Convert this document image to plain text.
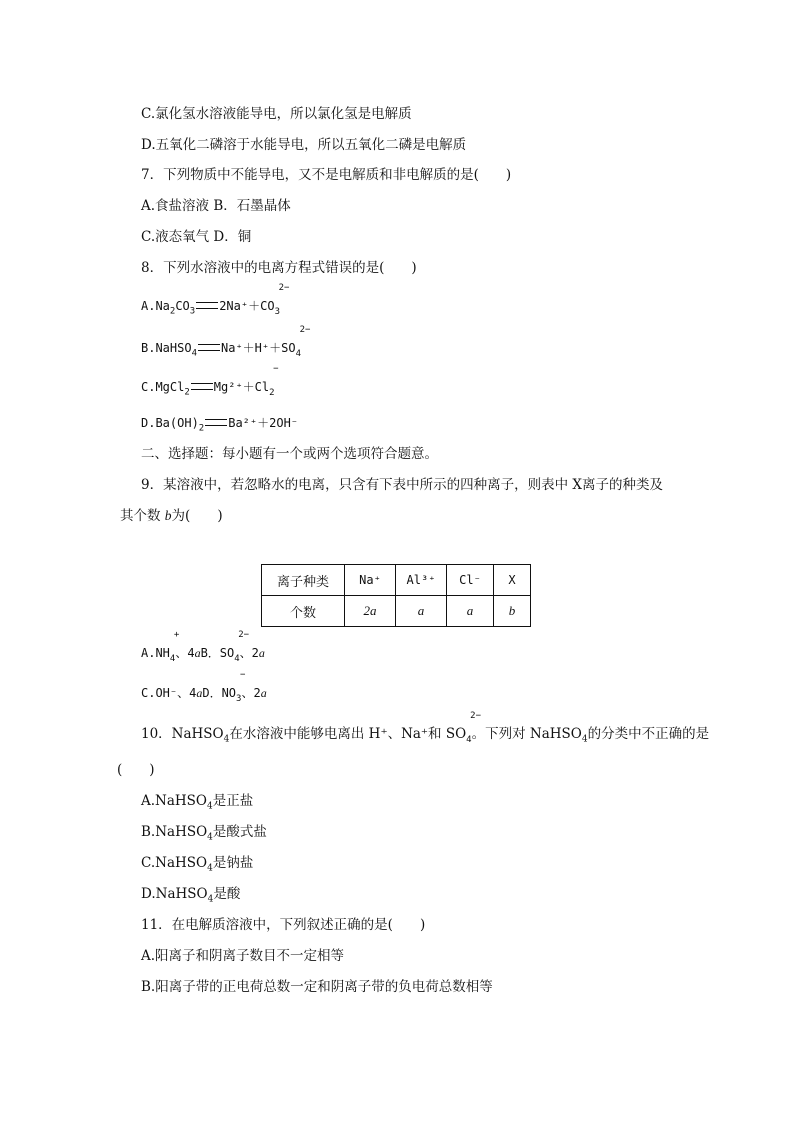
C.氯化氢水溶液能导电，所以氯化氢是电解质
D.五氧化二磷溶于水能导电，所以五氧化二磷是电解质
7．下列物质中不能导电，又不是电解质和非电解质的是(　　)
A.食盐溶液 B．石墨晶体
C.液态氧气 D．铜
8．下列水溶液中的电离方程式错误的是(　　)
$A.Na_2CO_3$ 2Na⁺＋CO
2−
$_3$
B.NaHSO$_4$ Na⁺＋H⁺＋SO
2−
$_4$
C.MgCl$_2$ Mg²⁺＋Cl
−
$_2$
$D.Ba(OH)_2$ Ba²⁺＋2OH⁻
二、选择题：每小题有一个或两个选项符合题意。
9．某溶液中，若忽略水的电离，只含有下表中所示的四种离子，则表中 X离子的种类及
其个数 b为(　　)
离子种类	Na⁺	Al³⁺	Cl⁻	X
个数	2a	a	a	b
A.NH
+
$_4$、4aB．SO
2−
$_4$、2a
C.OH⁻、4aD．NO
−
$_3$、2a
10．NaHSO$_4$在水溶液中能够电离出 H⁺、Na⁺和 SO
2−
$_4$。下列对 NaHSO$_4$的分类中不正确的是
(　　)
A.NaHSO$_4$是正盐
B.NaHSO$_4$是酸式盐
C.NaHSO$_4$是钠盐
D.NaHSO$_4$是酸
11．在电解质溶液中，下列叙述正确的是(　　)
A.阳离子和阴离子数目不一定相等
B.阳离子带的正电荷总数一定和阴离子带的负电荷总数相等
